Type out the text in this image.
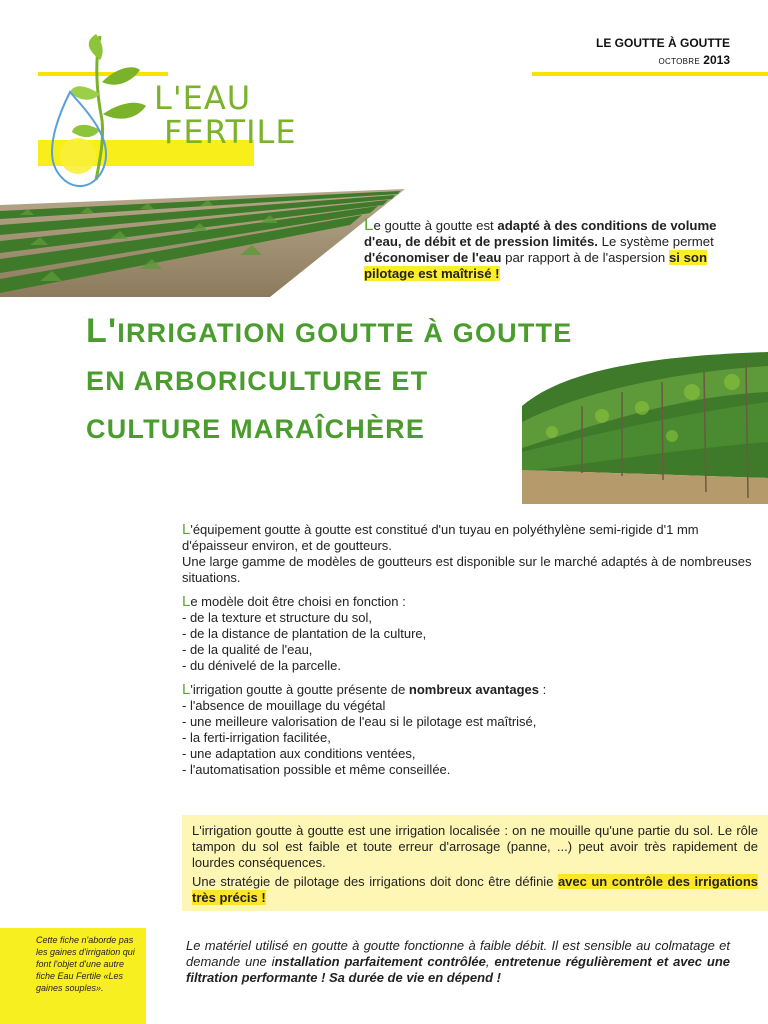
L'EAU
FERTILE
LE GOUTTE À GOUTTE
OCTOBRE 2013
Le goutte à goutte est adapté à des conditions de volume d'eau, de débit et de pression limités. Le système permet d'économiser de l'eau par rapport à de l'aspersion si son pilotage est maîtrisé !
L'IRRIGATION GOUTTE À GOUTTE
EN ARBORICULTURE ET
CULTURE MARAÎCHÈRE

L'équipement goutte à goutte est constitué d'un tuyau en polyéthylène semi-rigide d'1 mm d'épaisseur environ, et de goutteurs.

Une large gamme de modèles de goutteurs est disponible sur le marché adaptés à de nombreuses situations.

Le modèle doit être choisi en fonction :

- de la texture et structure du sol,
- de la distance de plantation de la culture,
- de la qualité de l'eau,
- du dénivelé de la parcelle.

L'irrigation goutte à goutte présente de nombreux avantages :

- l'absence de mouillage du végétal
- une meilleure valorisation de l'eau si le pilotage est maîtrisé,
- la ferti-irrigation facilitée,
- une adaptation aux conditions ventées,
- l'automatisation possible et même conseillée.

L'irrigation goutte à goutte est une irrigation localisée : on ne mouille qu'une partie du sol. Le rôle tampon du sol est faible et toute erreur d'arrosage (panne, ...) peut avoir très rapidement de lourdes conséquences.

Une stratégie de pilotage des irrigations doit donc être définie avec un contrôle des irrigations très précis !

Cette fiche n'aborde pas les gaines d'irrigation qui font l'objet d'une autre fiche Eau Fertile «Les gaines souples».
Le matériel utilisé en goutte à goutte fonctionne à faible débit. Il est sensible au colmatage et demande une installation parfaitement contrôlée, entretenue régulièrement et avec une filtration performante ! Sa durée de vie en dépend !
